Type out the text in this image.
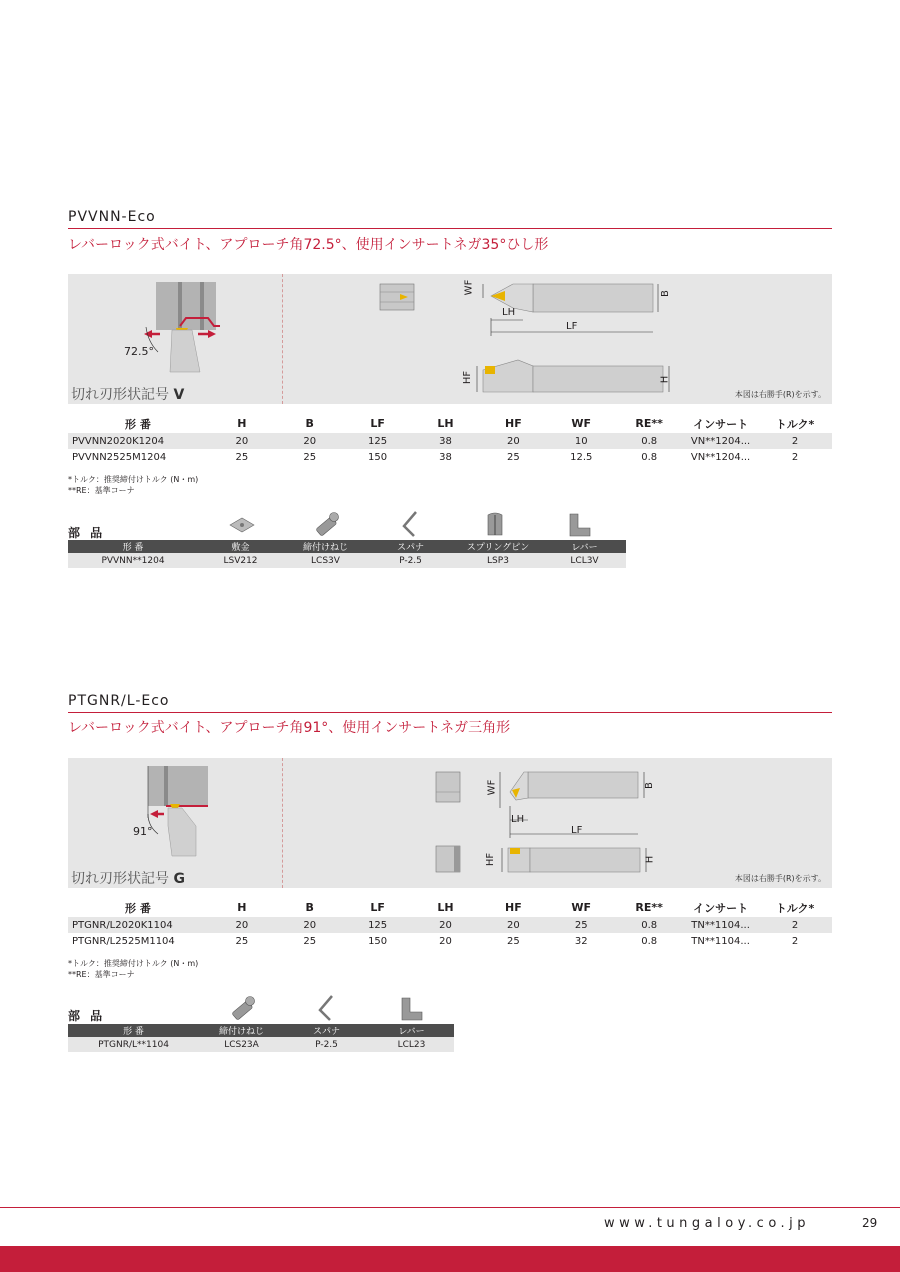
PVVNN-Eco
レバーロック式バイト、アプローチ角72.5°、使用インサートネガ35°ひし形
72.5°
切れ刃形状記号 V
WF	B
LH
LF
HF	H
本図は右勝手(R)を示す。
形 番	H	B	LF	LH	HF	WF	RE**	インサート	トルク*
PVVNN2020K1204	20	20	125	38	20	10	0.8	VN**1204...	2
PVVNN2525M1204	25	25	150	38	25	12.5	0.8	VN**1204...	2
*トルク：推奨締付けトルク (N・m)
**RE：基準コーナ
部 品
形 番	敷金	締付けねじ	スパナ	スプリングピン	レバー
PVVNN**1204	LSV212	LCS3V	P-2.5	LSP3	LCL3V
PTGNR/L-Eco
レバーロック式バイト、アプローチ角91°、使用インサートネガ三角形
91°
切れ刃形状記号 G
WF	B
LH
LF
HF	H
本図は右勝手(R)を示す。
形 番	H	B	LF	LH	HF	WF	RE**	インサート	トルク*
PTGNR/L2020K1104	20	20	125	20	20	25	0.8	TN**1104...	2
PTGNR/L2525M1104	25	25	150	20	25	32	0.8	TN**1104...	2
*トルク：推奨締付けトルク (N・m)
**RE：基準コーナ
部 品
形 番	締付けねじ	スパナ	レバー
PTGNR/L**1104	LCS23A	P-2.5	LCL23
www.tungaloy.co.jp	29
